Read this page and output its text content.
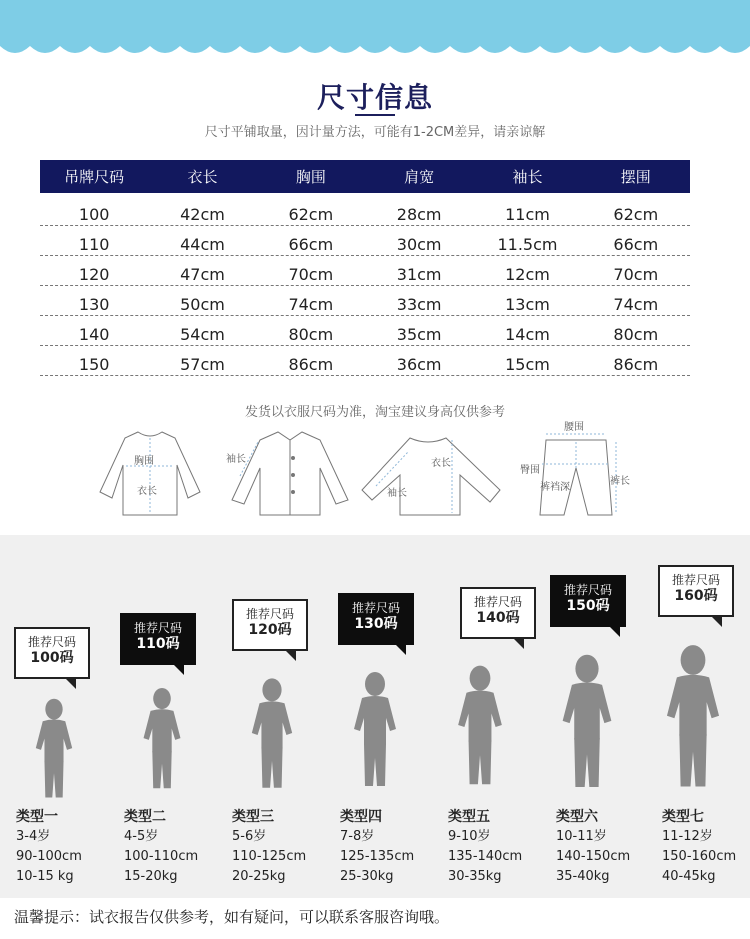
尺寸信息
尺寸平铺取量，因计量方法，可能有1-2CM差异，请亲谅解
吊牌尺码	衣长	胸围	肩宽	袖长	摆围
100	42cm	62cm	28cm	11cm	62cm
110	44cm	66cm	30cm	11.5cm	66cm
120	47cm	70cm	31cm	12cm	70cm
130	50cm	74cm	33cm	13cm	74cm
140	54cm	80cm	35cm	14cm	80cm
150	57cm	86cm	36cm	15cm	86cm
发货以衣服尺码为准，淘宝建议身高仅供参考
胸围
衣长
袖长	衣长
袖长
腰围
臀围
裤裆深
裤长
推荐尺码
100码
类型一
3-4岁
90-100cm
10-15 kg
推荐尺码
110码
类型二
4-5岁
100-110cm
15-20kg
推荐尺码
120码
类型三
5-6岁
110-125cm
20-25kg
推荐尺码
130码
类型四
7-8岁
125-135cm
25-30kg
推荐尺码
140码
类型五
9-10岁
135-140cm
30-35kg
推荐尺码
150码
类型六
10-11岁
140-150cm
35-40kg
推荐尺码
160码
类型七
11-12岁
150-160cm
40-45kg
温馨提示：试衣报告仅供参考，如有疑问，可以联系客服咨询哦。
